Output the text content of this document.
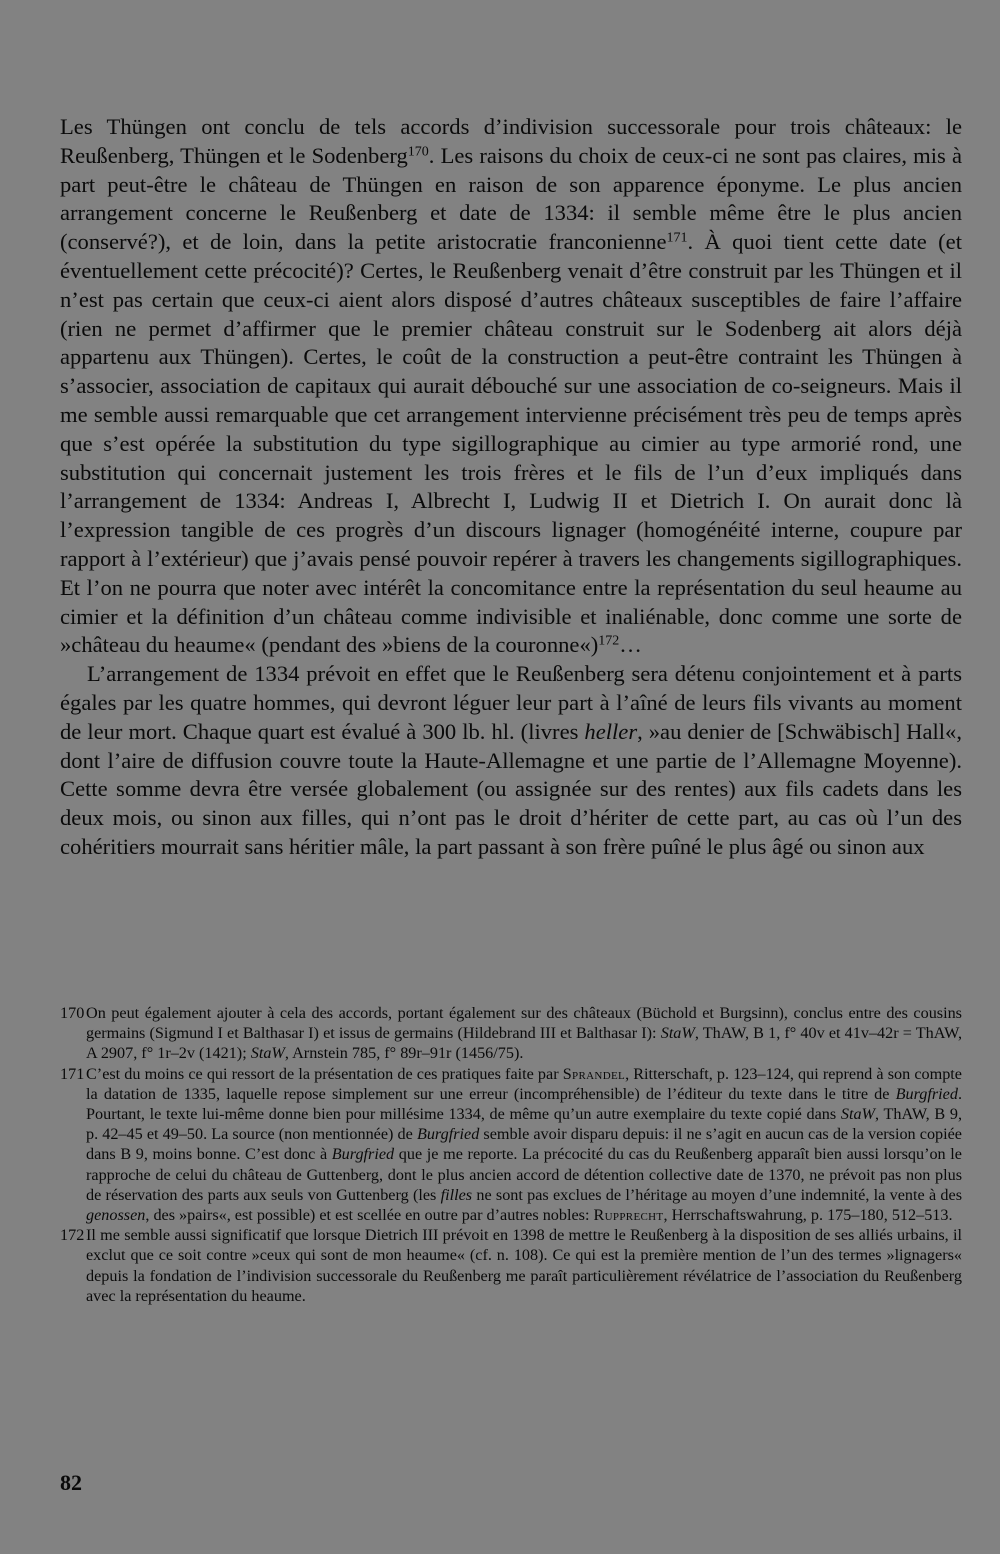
Les Thüngen ont conclu de tels accords d’indivision successorale pour trois châteaux: le Reußenberg, Thüngen et le Sodenberg$^{170}$. Les raisons du choix de ceux-ci ne sont pas claires, mis à part peut-être le château de Thüngen en raison de son apparence éponyme. Le plus ancien arrangement concerne le Reußenberg et date de 1334: il semble même être le plus ancien (conservé?), et de loin, dans la petite aristocratie franconienne$^{171}$. À quoi tient cette date (et éventuellement cette précocité)? Certes, le Reußenberg venait d’être construit par les Thüngen et il n’est pas certain que ceux-ci aient alors disposé d’autres châteaux susceptibles de faire l’affaire (rien ne permet d’affirmer que le premier château construit sur le Sodenberg ait alors déjà appartenu aux Thüngen). Certes, le coût de la construction a peut-être contraint les Thüngen à s’associer, association de capitaux qui aurait débouché sur une association de co-seigneurs. Mais il me semble aussi remarquable que cet arrangement intervienne précisément très peu de temps après que s’est opérée la substitution du type sigillographique au cimier au type armorié rond, une substitution qui concernait justement les trois frères et le fils de l’un d’eux impliqués dans l’arrangement de 1334: Andreas I, Albrecht I, Ludwig II et Dietrich I. On aurait donc là l’expression tangible de ces progrès d’un discours lignager (homogénéité interne, coupure par rapport à l’extérieur) que j’avais pensé pouvoir repérer à travers les changements sigillographiques. Et l’on ne pourra que noter avec intérêt la concomitance entre la représentation du seul heaume au cimier et la définition d’un château comme indivisible et inaliénable, donc comme une sorte de »château du heaume« (pendant des »biens de la couronne«)$^{172}$…

L’arrangement de 1334 prévoit en effet que le Reußenberg sera détenu conjointement et à parts égales par les quatre hommes, qui devront léguer leur part à l’aîné de leurs fils vivants au moment de leur mort. Chaque quart est évalué à 300 lb. hl. (livres heller, »au denier de [Schwäbisch] Hall«, dont l’aire de diffusion couvre toute la Haute-Allemagne et une partie de l’Allemagne Moyenne). Cette somme devra être versée globalement (ou assignée sur des rentes) aux fils cadets dans les deux mois, ou sinon aux filles, qui n’ont pas le droit d’hériter de cette part, au cas où l’un des cohéritiers mourrait sans héritier mâle, la part passant à son frère puîné le plus âgé ou sinon aux

170 On peut également ajouter à cela des accords, portant également sur des châteaux (Büchold et Burgsinn), conclus entre des cousins germains (Sigmund I et Balthasar I) et issus de germains (Hildebrand III et Balthasar I): StaW, ThAW, B 1, f° 40v et 41v–42r = ThAW, A 2907, f° 1r–2v (1421); StaW, Arnstein 785, f° 89r–91r (1456/75).

171 C’est du moins ce qui ressort de la présentation de ces pratiques faite par Sprandel, Ritterschaft, p. 123–124, qui reprend à son compte la datation de 1335, laquelle repose simplement sur une erreur (incompréhensible) de l’éditeur du texte dans le titre de Burgfried. Pourtant, le texte lui-même donne bien pour millésime 1334, de même qu’un autre exemplaire du texte copié dans StaW, ThAW, B 9, p. 42–45 et 49–50. La source (non mentionnée) de Burgfried semble avoir disparu depuis: il ne s’agit en aucun cas de la version copiée dans B 9, moins bonne. C’est donc à Burgfried que je me reporte. La précocité du cas du Reußenberg apparaît bien aussi lorsqu’on le rapproche de celui du château de Guttenberg, dont le plus ancien accord de détention collective date de 1370, ne prévoit pas non plus de réservation des parts aux seuls von Guttenberg (les filles ne sont pas exclues de l’héritage au moyen d’une indemnité, la vente à des genossen, des »pairs«, est possible) et est scellée en outre par d’autres nobles: Rupprecht, Herrschaftswahrung, p. 175–180, 512–513.

172 Il me semble aussi significatif que lorsque Dietrich III prévoit en 1398 de mettre le Reußenberg à la disposition de ses alliés urbains, il exclut que ce soit contre »ceux qui sont de mon heaume« (cf. n. 108). Ce qui est la première mention de l’un des termes »lignagers« depuis la fondation de l’indivision successorale du Reußenberg me paraît particulièrement révélatrice de l’association du Reußenberg avec la représentation du heaume.

82
